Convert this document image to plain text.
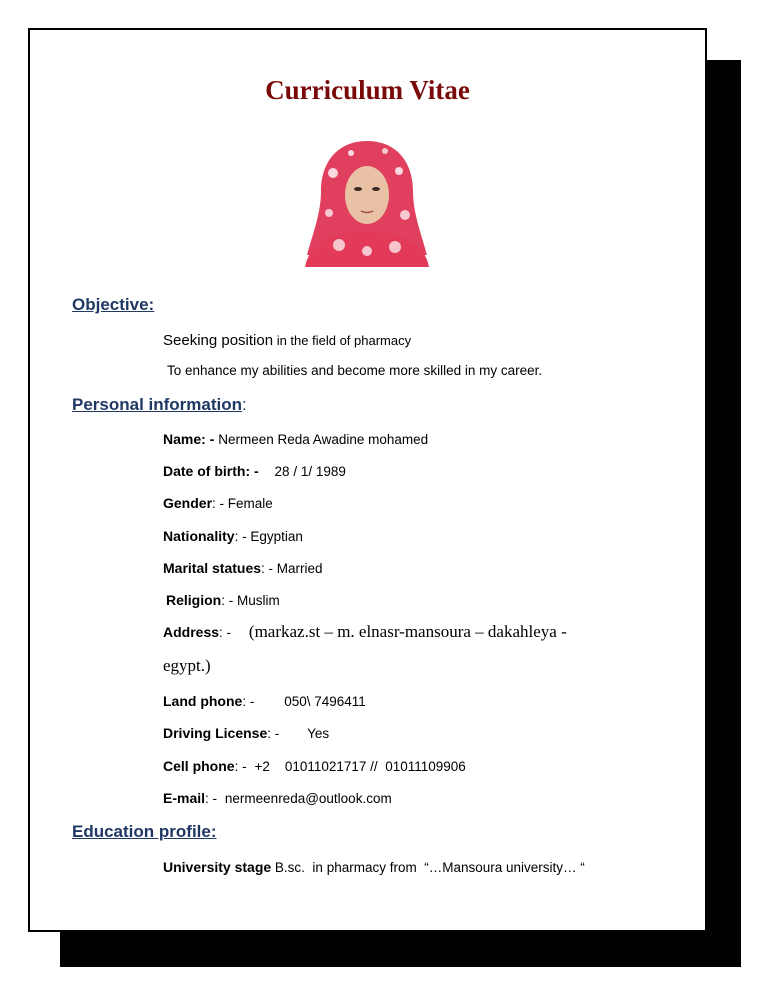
Curriculum Vitae
Objective:
Seeking position in the field of pharmacy
To enhance my abilities and become more skilled in my career.
Personal information:
Name: - Nermeen Reda Awadine mohamed
Date of birth: - 28 / 1/ 1989
Gender: - Female
Nationality: - Egyptian
Marital statues: - Married
Religion: - Muslim
Address: - (markaz.st – m. elnasr-mansoura – dakahleya -
egypt.)
Land phone: - 050\ 7496411
Driving License: - Yes
Cell phone: - +2    01011021717 //  01011109906
E-mail: - nermeenreda@outlook.com
Education profile:
University stage B.sc.  in pharmacy from  “…Mansoura university… “
